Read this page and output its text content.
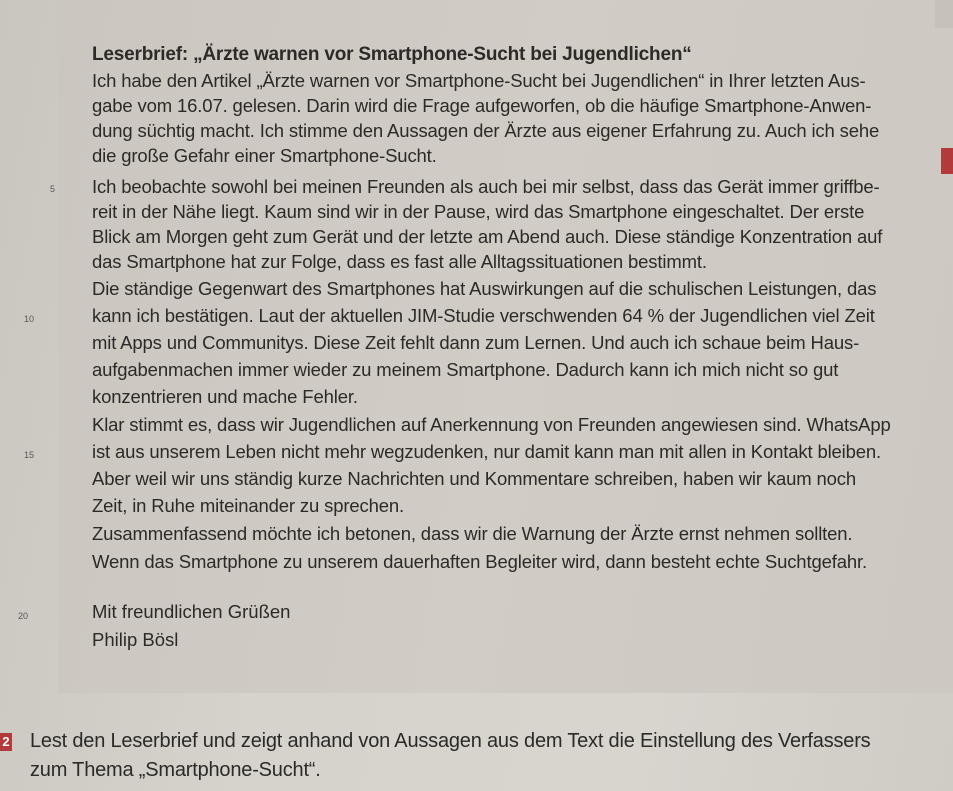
Leserbrief: „Ärzte warnen vor Smartphone-Sucht bei Jugendlichen“

Ich habe den Artikel „Ärzte warnen vor Smartphone-Sucht bei Jugendlichen“ in Ihrer letzten Aus-

gabe vom 16.07. gelesen. Darin wird die Frage aufgeworfen, ob die häufige Smartphone-Anwen-

dung süchtig macht. Ich stimme den Aussagen der Ärzte aus eigener Erfahrung zu. Auch ich sehe

die große Gefahr einer Smartphone-Sucht.

5 Ich beobachte sowohl bei meinen Freunden als auch bei mir selbst, dass das Gerät immer griffbe-

reit in der Nähe liegt. Kaum sind wir in der Pause, wird das Smartphone eingeschaltet. Der erste

Blick am Morgen geht zum Gerät und der letzte am Abend auch. Diese ständige Konzentration auf

das Smartphone hat zur Folge, dass es fast alle Alltagssituationen bestimmt.

Die ständige Gegenwart des Smartphones hat Auswirkungen auf die schulischen Leistungen, das

10	kann ich bestätigen. Laut der aktuellen JIM-Studie verschwenden 64 % der Jugendlichen viel Zeit

mit Apps und Communitys. Diese Zeit fehlt dann zum Lernen. Und auch ich schaue beim Haus-

aufgabenmachen immer wieder zu meinem Smartphone. Dadurch kann ich mich nicht so gut

konzentrieren und mache Fehler.

Klar stimmt es, dass wir Jugendlichen auf Anerkennung von Freunden angewiesen sind. WhatsApp

15	ist aus unserem Leben nicht mehr wegzudenken, nur damit kann man mit allen in Kontakt bleiben.

Aber weil wir uns ständig kurze Nachrichten und Kommentare schreiben, haben wir kaum noch

Zeit, in Ruhe miteinander zu sprechen.

Zusammenfassend möchte ich betonen, dass wir die Warnung der Ärzte ernst nehmen sollten.

Wenn das Smartphone zu unserem dauerhaften Begleiter wird, dann besteht echte Suchtgefahr.

20	Mit freundlichen Grüßen
Philip Bösl
2 Lest den Leserbrief und zeigt anhand von Aussagen aus dem Text die Einstellung des Verfassers
zum Thema „Smartphone-Sucht“.
